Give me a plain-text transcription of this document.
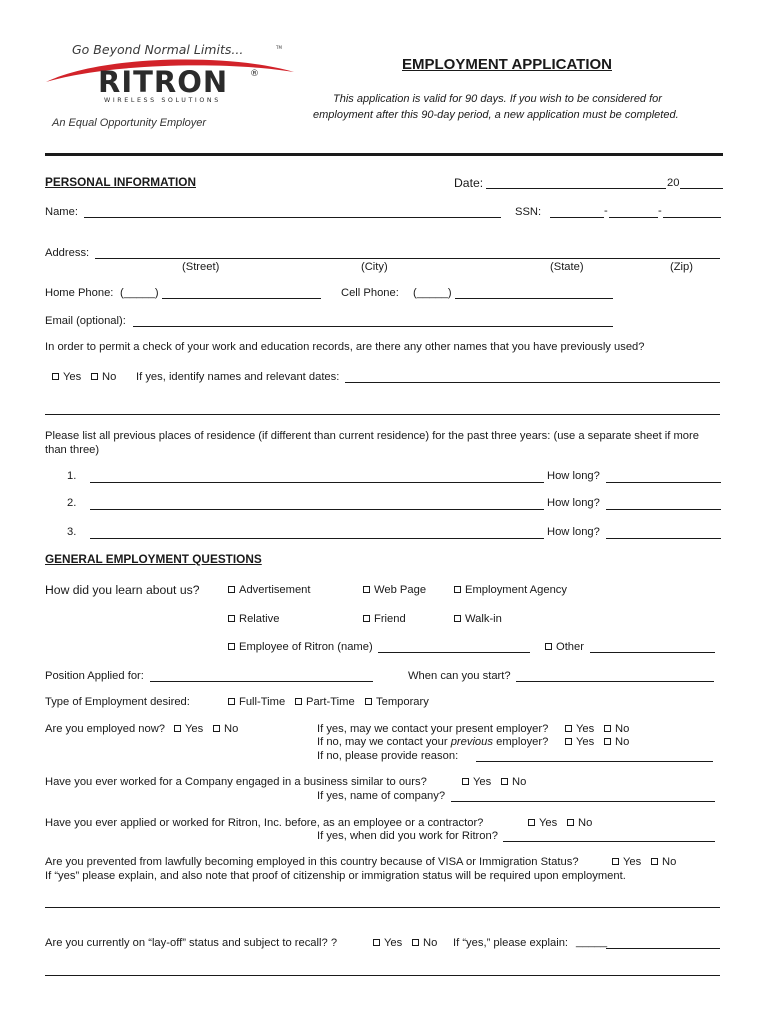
Go Beyond Normal Limits...	TM
RITRON ®
WIRELESS SOLUTIONS
An Equal Opportunity Employer
EMPLOYMENT APPLICATION
This application is valid for 90 days. If you wish to be considered for
employment after this 90-day period, a new application must be completed.
PERSONAL INFORMATION	Date:	20
Name:	SSN:	-	-
Address:
(Street)	(City)	(State)	(Zip)
Home Phone: (_____)	Cell Phone: (_____)
Email (optional):
In order to permit a check of your work and education records, are there any other names that you have previously used?
Yes	No If yes, identify names and relevant dates:
Please list all previous places of residence (if different than current residence) for the past three years: (use a separate sheet if more
than three)
1.	How long?
2.	How long?
3.	How long?
GENERAL EMPLOYMENT QUESTIONS
How did you learn about us?	Advertisement	Web Page	Employment Agency
Relative	Friend	Walk-in
Employee of Ritron (name)	Other
Position Applied for:	When can you start?
Type of Employment desired:	Full-Time	Part-Time	Temporary
Are you employed now?	Yes	No	If yes, may we contact your present employer?	Yes	No
If no, may we contact your previous employer?	Yes	No
If no, please provide reason:
Have you ever worked for a Company engaged in a business similar to ours?	Yes	No
If yes, name of company?
Have you ever applied or worked for Ritron, Inc. before, as an employee or a contractor?	Yes	No
If yes, when did you work for Ritron?
Are you prevented from lawfully becoming employed in this country because of VISA or Immigration Status?	Yes	No
If “yes” please explain, and also note that proof of citizenship or immigration status will be required upon employment.
Are you currently on “lay-off” status and subject to recall? ?	Yes	No If “yes,” please explain: _____
